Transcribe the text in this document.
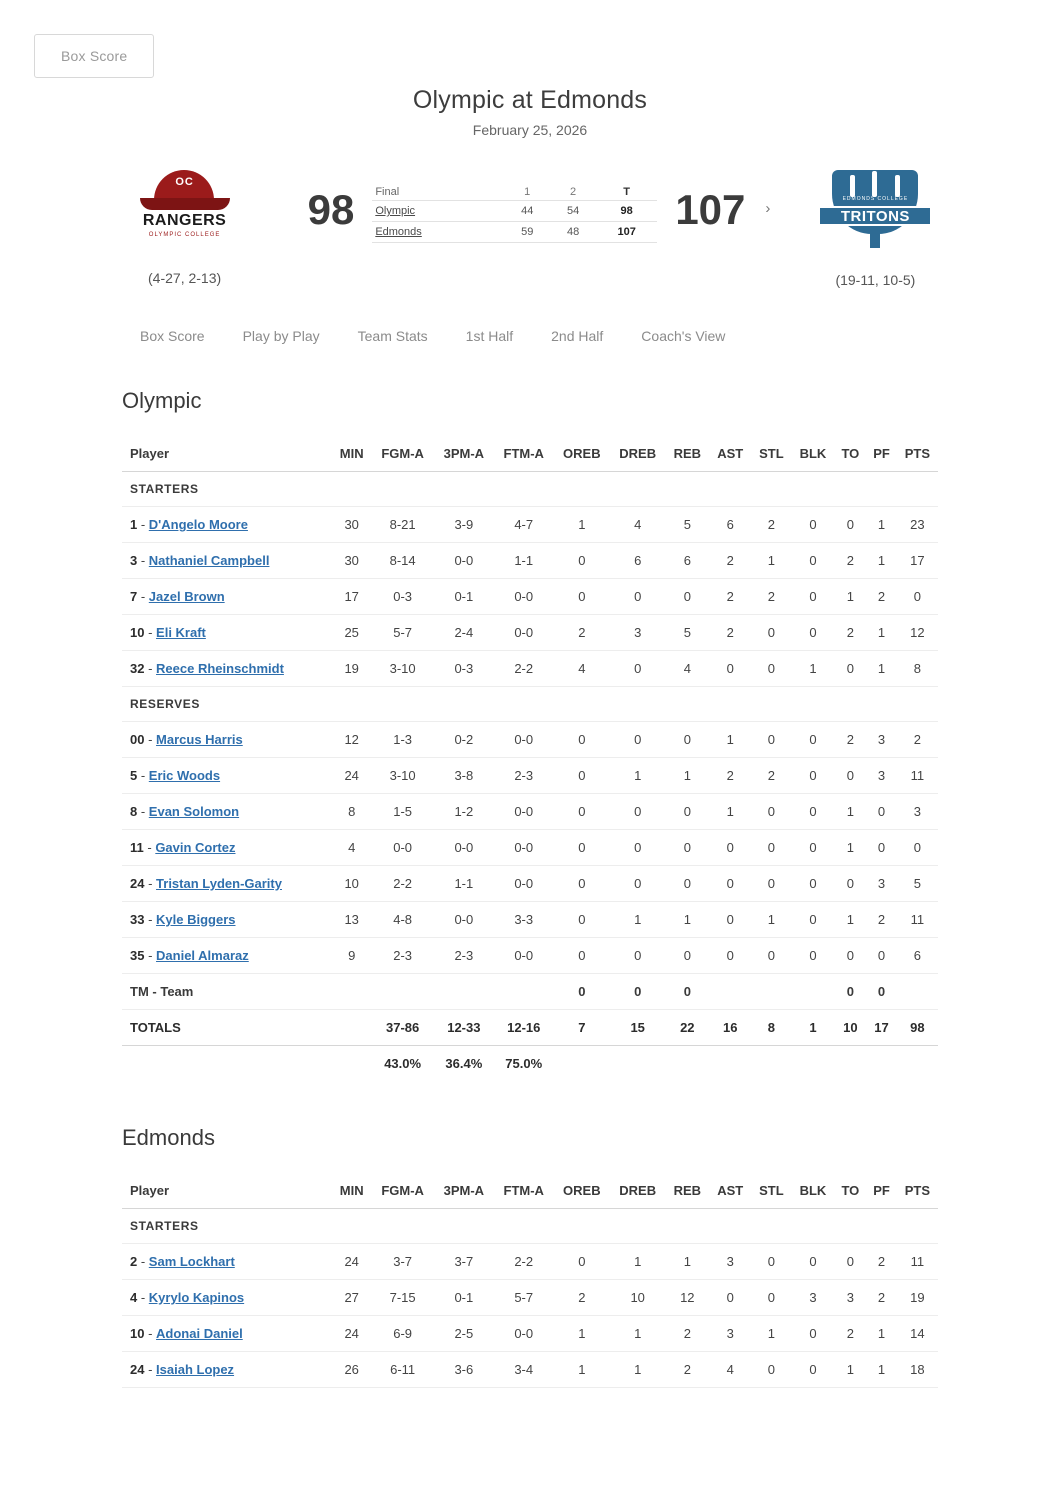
Box Score
Olympic at Edmonds
February 25, 2026
OC
RANGERS
OLYMPIC COLLEGE
(4-27, 2-13)
98	Final	1	2	T
Olympic	44	54	98
Edmonds	59	48	107 107	›
EDMONDS COLLEGE
TRITONS
(19-11, 10-5)
Box Score	Play by Play	Team Stats	1st Half	2nd Half	Coach's View
Olympic
Player	MIN	FGM-A	3PM-A	FTM-A	OREB	DREB	REB	AST	STL	BLK	TO	PF	PTS
STARTERS													
1 - D'Angelo Moore	30	8-21	3-9	4-7	1	4	5	6	2	0	0	1	23
3 - Nathaniel Campbell	30	8-14	0-0	1-1	0	6	6	2	1	0	2	1	17
7 - Jazel Brown	17	0-3	0-1	0-0	0	0	0	2	2	0	1	2	0
10 - Eli Kraft	25	5-7	2-4	0-0	2	3	5	2	0	0	2	1	12
32 - Reece Rheinschmidt	19	3-10	0-3	2-2	4	0	4	0	0	1	0	1	8
RESERVES													
00 - Marcus Harris	12	1-3	0-2	0-0	0	0	0	1	0	0	2	3	2
5 - Eric Woods	24	3-10	3-8	2-3	0	1	1	2	2	0	0	3	11
8 - Evan Solomon	8	1-5	1-2	0-0	0	0	0	1	0	0	1	0	3
11 - Gavin Cortez	4	0-0	0-0	0-0	0	0	0	0	0	0	1	0	0
24 - Tristan Lyden-Garity	10	2-2	1-1	0-0	0	0	0	0	0	0	0	3	5
33 - Kyle Biggers	13	4-8	0-0	3-3	0	1	1	0	1	0	1	2	11
35 - Daniel Almaraz	9	2-3	2-3	0-0	0	0	0	0	0	0	0	0	6
TM - Team					0	0	0				0	0	
TOTALS		37-86	12-33	12-16	7	15	22	16	8	1	10	17	98
		43.0%	36.4%	75.0%									
Edmonds
Player	MIN	FGM-A	3PM-A	FTM-A	OREB	DREB	REB	AST	STL	BLK	TO	PF	PTS
STARTERS													
2 - Sam Lockhart	24	3-7	3-7	2-2	0	1	1	3	0	0	0	2	11
4 - Kyrylo Kapinos	27	7-15	0-1	5-7	2	10	12	0	0	3	3	2	19
10 - Adonai Daniel	24	6-9	2-5	0-0	1	1	2	3	1	0	2	1	14
24 - Isaiah Lopez	26	6-11	3-6	3-4	1	1	2	4	0	0	1	1	18
